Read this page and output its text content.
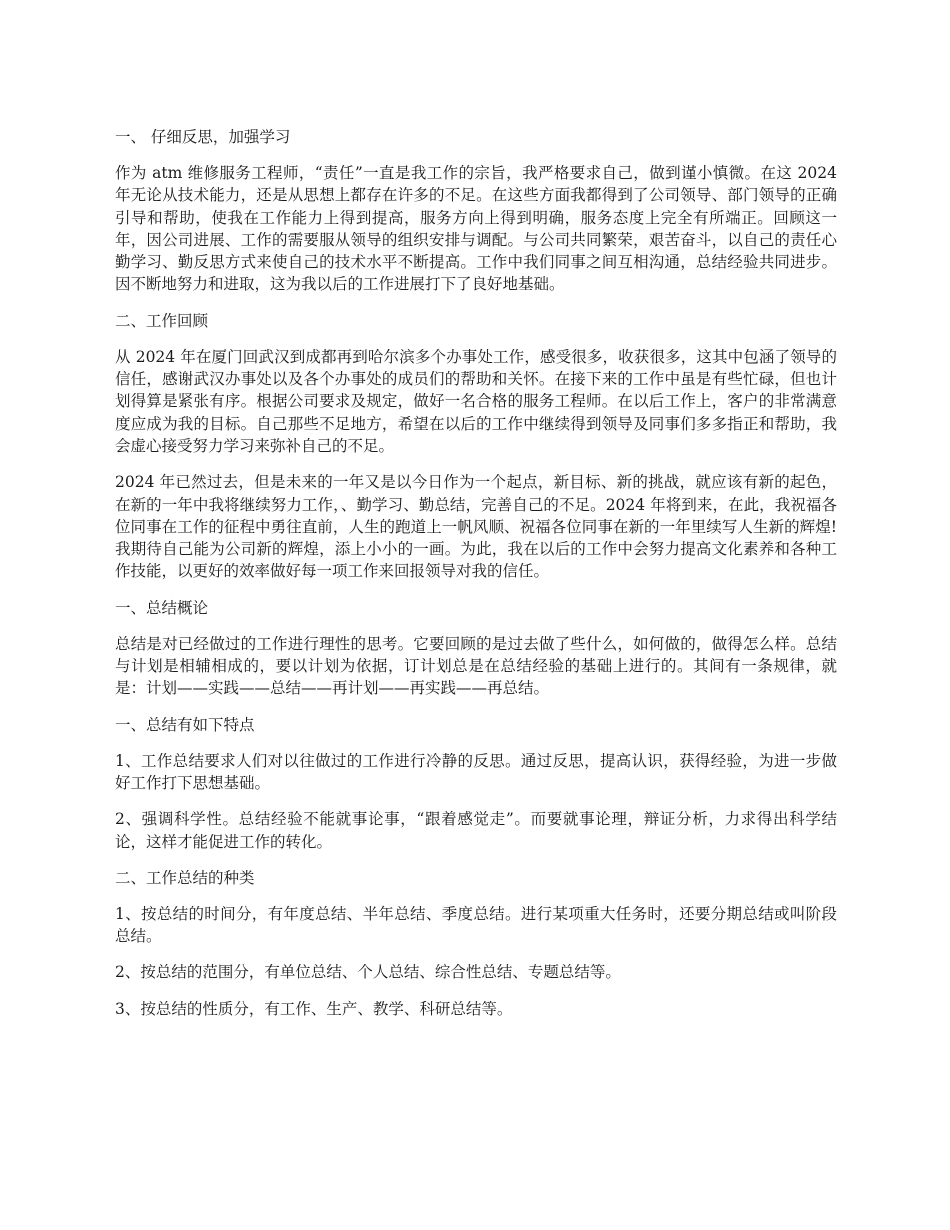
一、 仔细反思，加强学习

作为 atm 维修服务工程师，“责任”一直是我工作的宗旨，我严格要求自己，做到谨小慎微。在这 2024 年无论从技术能力，还是从思想上都存在许多的不足。在这些方面我都得到了公司领导、部门领导的正确引导和帮助，使我在工作能力上得到提高，服务方向上得到明确，服务态度上完全有所端正。回顾这一年，因公司进展、工作的需要服从领导的组织安排与调配。与公司共同繁荣，艰苦奋斗，以自己的责任心勤学习、勤反思方式来使自己的技术水平不断提高。工作中我们同事之间互相沟通，总结经验共同进步。因不断地努力和进取，这为我以后的工作进展打下了良好地基础。

二、工作回顾

从 2024 年在厦门回武汉到成都再到哈尔滨多个办事处工作，感受很多，收获很多，这其中包涵了领导的信任，感谢武汉办事处以及各个办事处的成员们的帮助和关怀。在接下来的工作中虽是有些忙碌，但也计划得算是紧张有序。根据公司要求及规定，做好一名合格的服务工程师。在以后工作上，客户的非常满意度应成为我的目标。自己那些不足地方，希望在以后的工作中继续得到领导及同事们多多指正和帮助，我会虚心接受努力学习来弥补自己的不足。

2024 年已然过去，但是未来的一年又是以今日作为一个起点，新目标、新的挑战，就应该有新的起色，在新的一年中我将继续努力工作，、勤学习、勤总结，完善自己的不足。2024 年将到来，在此，我祝福各位同事在工作的征程中勇往直前，人生的跑道上一帆风顺、祝福各位同事在新的一年里续写人生新的辉煌!我期待自己能为公司新的辉煌，添上小小的一画。为此，我在以后的工作中会努力提高文化素养和各种工作技能，以更好的效率做好每一项工作来回报领导对我的信任。

一、总结概论

总结是对已经做过的工作进行理性的思考。它要回顾的是过去做了些什么，如何做的，做得怎么样。总结与计划是相辅相成的，要以计划为依据，订计划总是在总结经验的基础上进行的。其间有一条规律，就是：计划——实践——总结——再计划——再实践——再总结。

一、总结有如下特点

1、工作总结要求人们对以往做过的工作进行冷静的反思。通过反思，提高认识，获得经验，为进一步做好工作打下思想基础。

2、强调科学性。总结经验不能就事论事，“跟着感觉走”。而要就事论理，辩证分析，力求得出科学结论，这样才能促进工作的转化。

二、工作总结的种类

1、按总结的时间分，有年度总结、半年总结、季度总结。进行某项重大任务时，还要分期总结或叫阶段总结。

2、按总结的范围分，有单位总结、个人总结、综合性总结、专题总结等。

3、按总结的性质分，有工作、生产、教学、科研总结等。
